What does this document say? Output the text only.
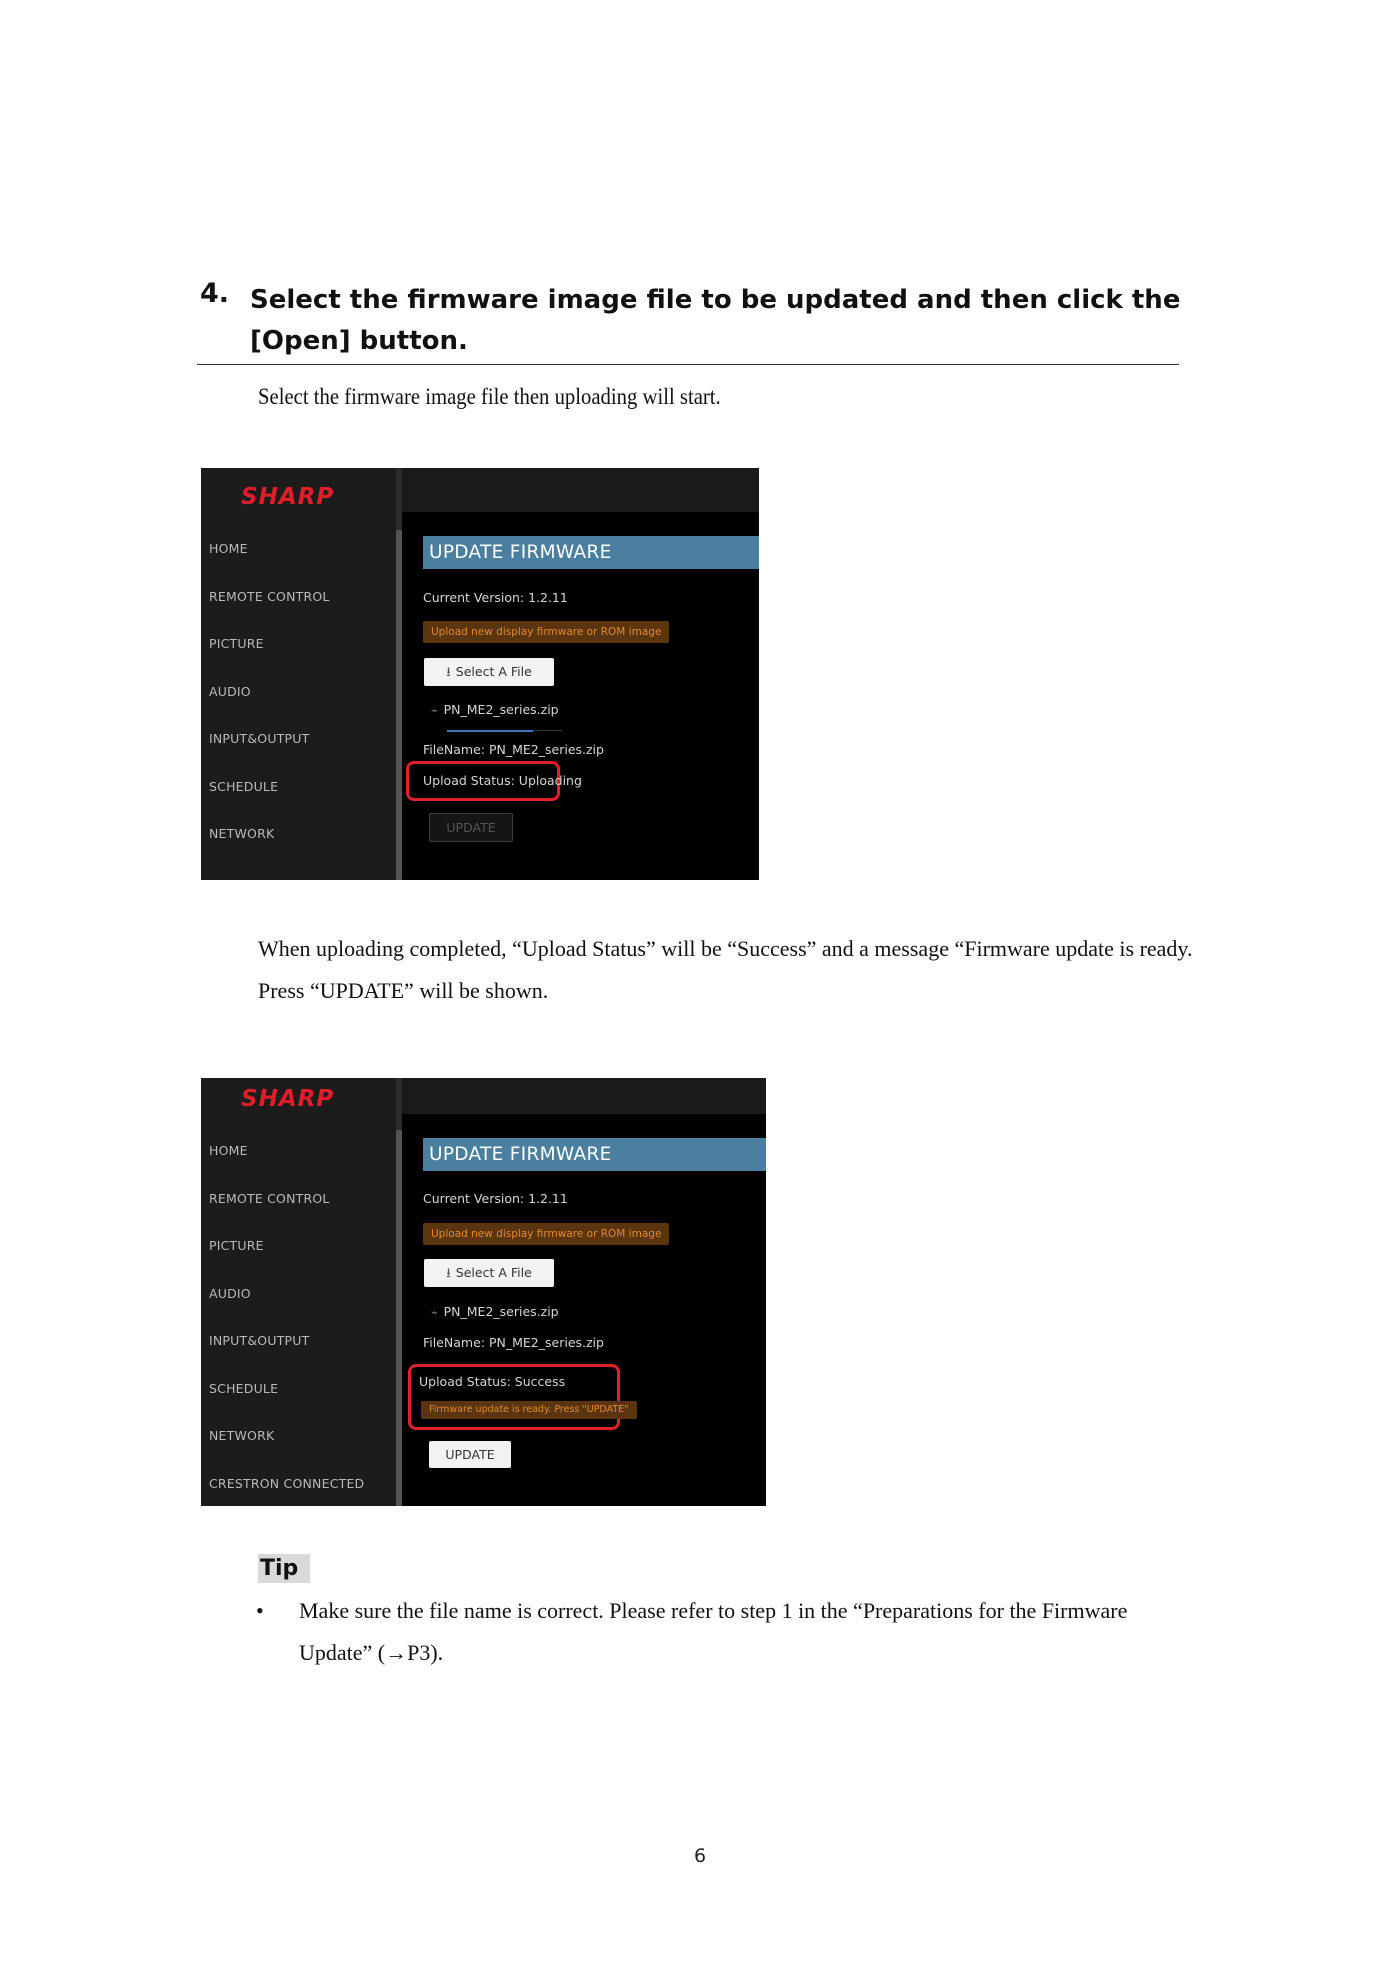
4. Select the firmware image file to be updated and then click the
[Open] button.
Select the firmware image file then uploading will start.
SHARP
HOME
REMOTE CONTROL
PICTURE
AUDIO
INPUT&OUTPUT
SCHEDULE
NETWORK
UPDATE FIRMWARE
Current Version: 1.2.11
Upload new display firmware or ROM image
⭳ Select A File
⌁ PN_ME2_series.zip
FileName: PN_ME2_series.zip
Upload Status: Uploading
UPDATE
When uploading completed, “Upload Status” will be “Success” and a message “Firmware update is ready. Press “UPDATE” will be shown.
SHARP
HOME
REMOTE CONTROL
PICTURE
AUDIO
INPUT&OUTPUT
SCHEDULE
NETWORK
CRESTRON CONNECTED
UPDATE FIRMWARE
Current Version: 1.2.11
Upload new display firmware or ROM image
⭳ Select A File
⌁ PN_ME2_series.zip
FileName: PN_ME2_series.zip
Upload Status: Success
Firmware update is ready. Press "UPDATE"
UPDATE
Tip
• Make sure the file name is correct. Please refer to step 1 in the “Preparations for the Firmware Update” (→P3).
6
